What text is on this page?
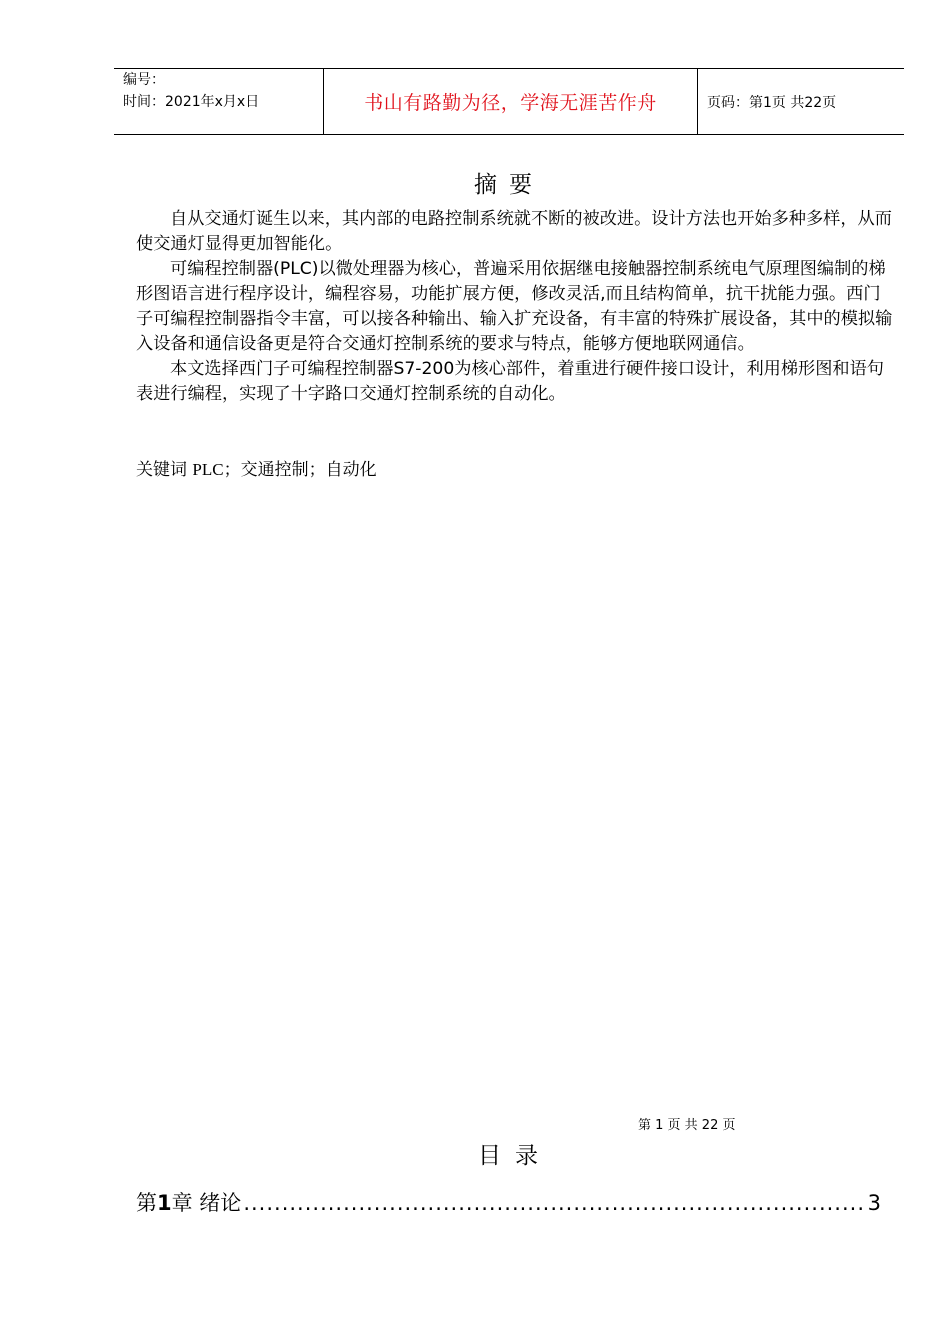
编号：
时间：2021年x月x日	书山有路勤为径，学海无涯苦作舟	页码：第1页 共22页
摘要

自从交通灯诞生以来，其内部的电路控制系统就不断的被改进。设计方法也开始多种多样，从而使交通灯显得更加智能化。

可编程控制器(PLC)以微处理器为核心，普遍采用依据继电接触器控制系统电气原理图编制的梯形图语言进行程序设计，编程容易，功能扩展方便，修改灵活,而且结构简单，抗干扰能力强。西门子可编程控制器指令丰富，可以接各种输出、输入扩充设备，有丰富的特殊扩展设备，其中的模拟输入设备和通信设备更是符合交通灯控制系统的要求与特点，能够方便地联网通信。

本文选择西门子可编程控制器S7-200为核心部件，着重进行硬件接口设计，利用梯形图和语句表进行编程，实现了十字路口交通灯控制系统的自动化。

关键词 PLC；交通控制；自动化
第 1 页 共 22 页
目录
第 1 章 绪论
.....	3
